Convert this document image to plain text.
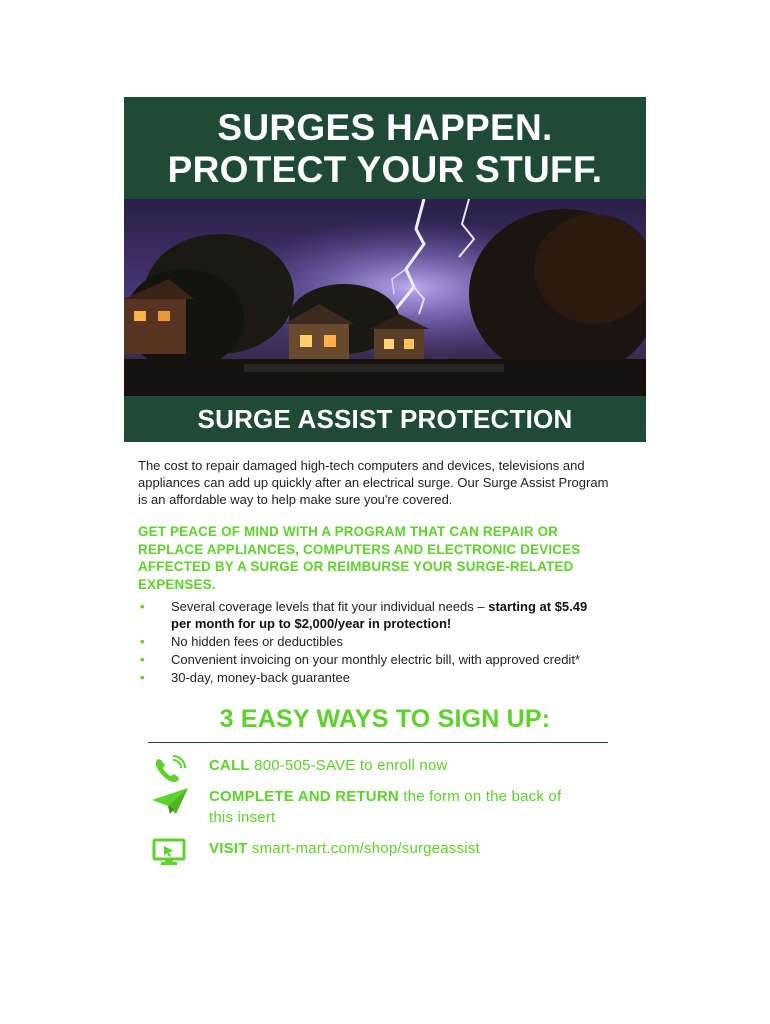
SURGES HAPPEN.
PROTECT YOUR STUFF.
SURGE ASSIST PROTECTION

The cost to repair damaged high-tech computers and devices, televisions and appliances can add up quickly after an electrical surge. Our Surge Assist Program is an affordable way to help make sure you're covered.

GET PEACE OF MIND WITH A PROGRAM THAT CAN REPAIR OR REPLACE APPLIANCES, COMPUTERS AND ELECTRONIC DEVICES AFFECTED BY A SURGE OR REIMBURSE YOUR SURGE-RELATED EXPENSES.

• Several coverage levels that fit your individual needs – starting at $5.49 per month for up to $2,000/year in protection!
• No hidden fees or deductibles
• Convenient invoicing on your monthly electric bill, with approved credit*
• 30-day, money-back guarantee
3 EASY WAYS TO SIGN UP:
CALL 800-505-SAVE to enroll now
COMPLETE AND RETURN the form on the back of this insert
VISIT smart-mart.com/shop/surgeassist
